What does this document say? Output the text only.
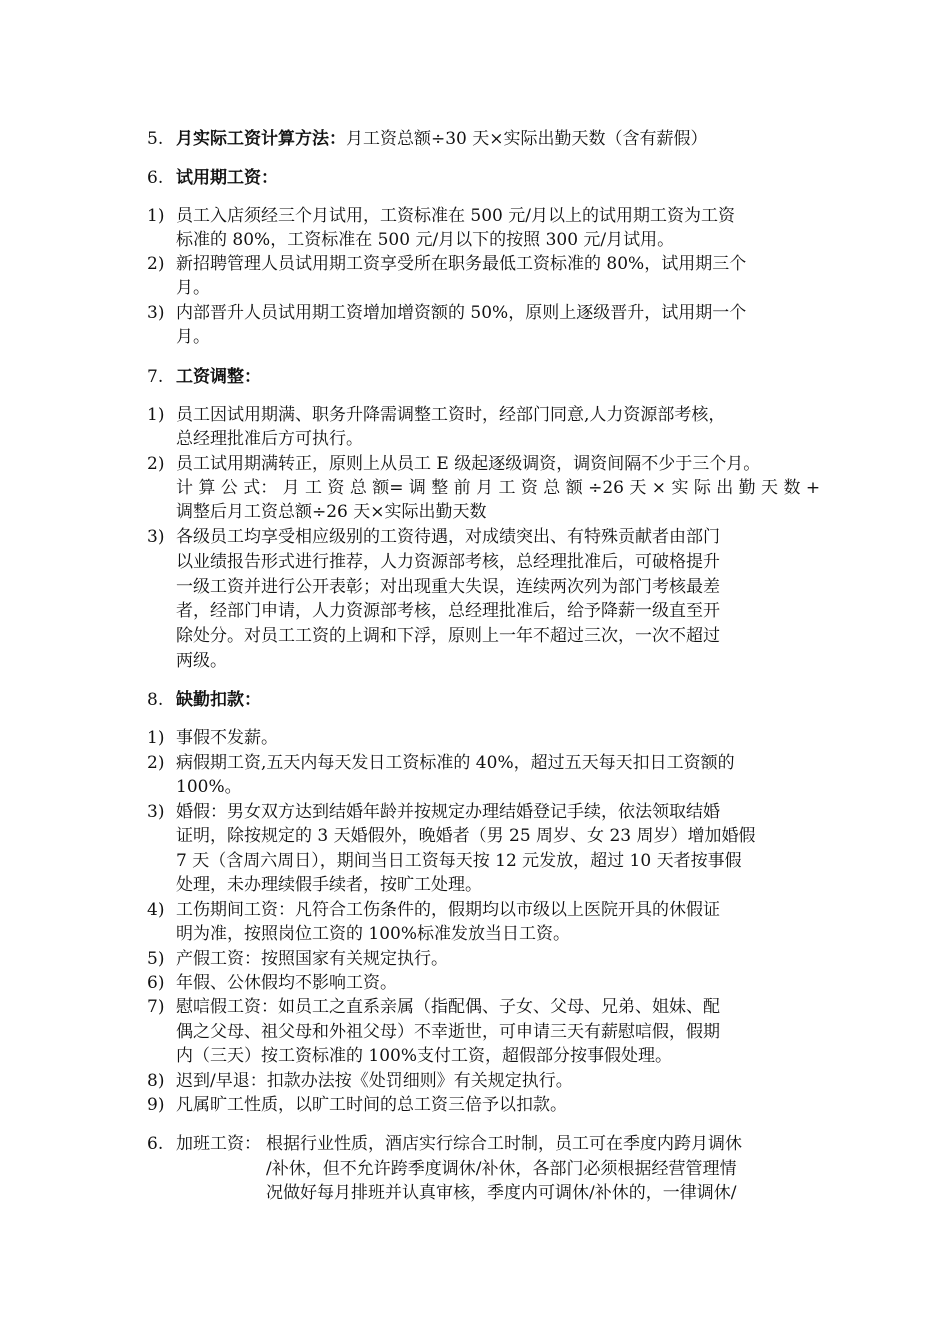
5. 月实际工资计算方法：月工资总额÷30 天×实际出勤天数（含有薪假）
6. 试用期工资：
1) 员工入店须经三个月试用，工资标准在 500 元/月以上的试用期工资为工资
标准的 80%，工资标准在 500 元/月以下的按照 300 元/月试用。
2) 新招聘管理人员试用期工资享受所在职务最低工资标准的 80%，试用期三个
月。
3) 内部晋升人员试用期工资增加增资额的 50%，原则上逐级晋升，试用期一个
月。
7. 工资调整：
1) 员工因试用期满、职务升降需调整工资时，经部门同意,人力资源部考核，
总经理批准后方可执行。
2) 员工试用期满转正，原则上从员工 E 级起逐级调资，调资间隔不少于三个月。
计 算 公 式： 月 工 资 总 额= 调 整 前 月 工 资 总 额 ÷26 天 × 实 际 出 勤 天 数 +
调整后月工资总额÷26 天×实际出勤天数
3) 各级员工均享受相应级别的工资待遇，对成绩突出、有特殊贡献者由部门
以业绩报告形式进行推荐，人力资源部考核，总经理批准后，可破格提升
一级工资并进行公开表彰；对出现重大失误，连续两次列为部门考核最差
者，经部门申请，人力资源部考核，总经理批准后，给予降薪一级直至开
除处分。对员工工资的上调和下浮，原则上一年不超过三次，一次不超过
两级。
8. 缺勤扣款：
1) 事假不发薪。
2) 病假期工资,五天内每天发日工资标准的 40%，超过五天每天扣日工资额的
100%。
3) 婚假：男女双方达到结婚年龄并按规定办理结婚登记手续，依法领取结婚
证明，除按规定的 3 天婚假外，晚婚者（男 25 周岁、女 23 周岁）增加婚假
7 天（含周六周日），期间当日工资每天按 12 元发放，超过 10 天者按事假
处理，未办理续假手续者，按旷工处理。
4) 工伤期间工资：凡符合工伤条件的，假期均以市级以上医院开具的休假证
明为准，按照岗位工资的 100%标准发放当日工资。
5) 产假工资：按照国家有关规定执行。
6) 年假、公休假均不影响工资。
7) 慰唁假工资：如员工之直系亲属（指配偶、子女、父母、兄弟、姐妹、配
偶之父母、祖父母和外祖父母）不幸逝世，可申请三天有薪慰唁假，假期
内（三天）按工资标准的 100%支付工资，超假部分按事假处理。
8) 迟到/早退：扣款办法按《处罚细则》有关规定执行。
9) 凡属旷工性质，以旷工时间的总工资三倍予以扣款。
6. 加班工资： 根据行业性质，酒店实行综合工时制，员工可在季度内跨月调休
/补休，但不允许跨季度调休/补休，各部门必须根据经营管理情
况做好每月排班并认真审核，季度内可调休/补休的，一律调休/
